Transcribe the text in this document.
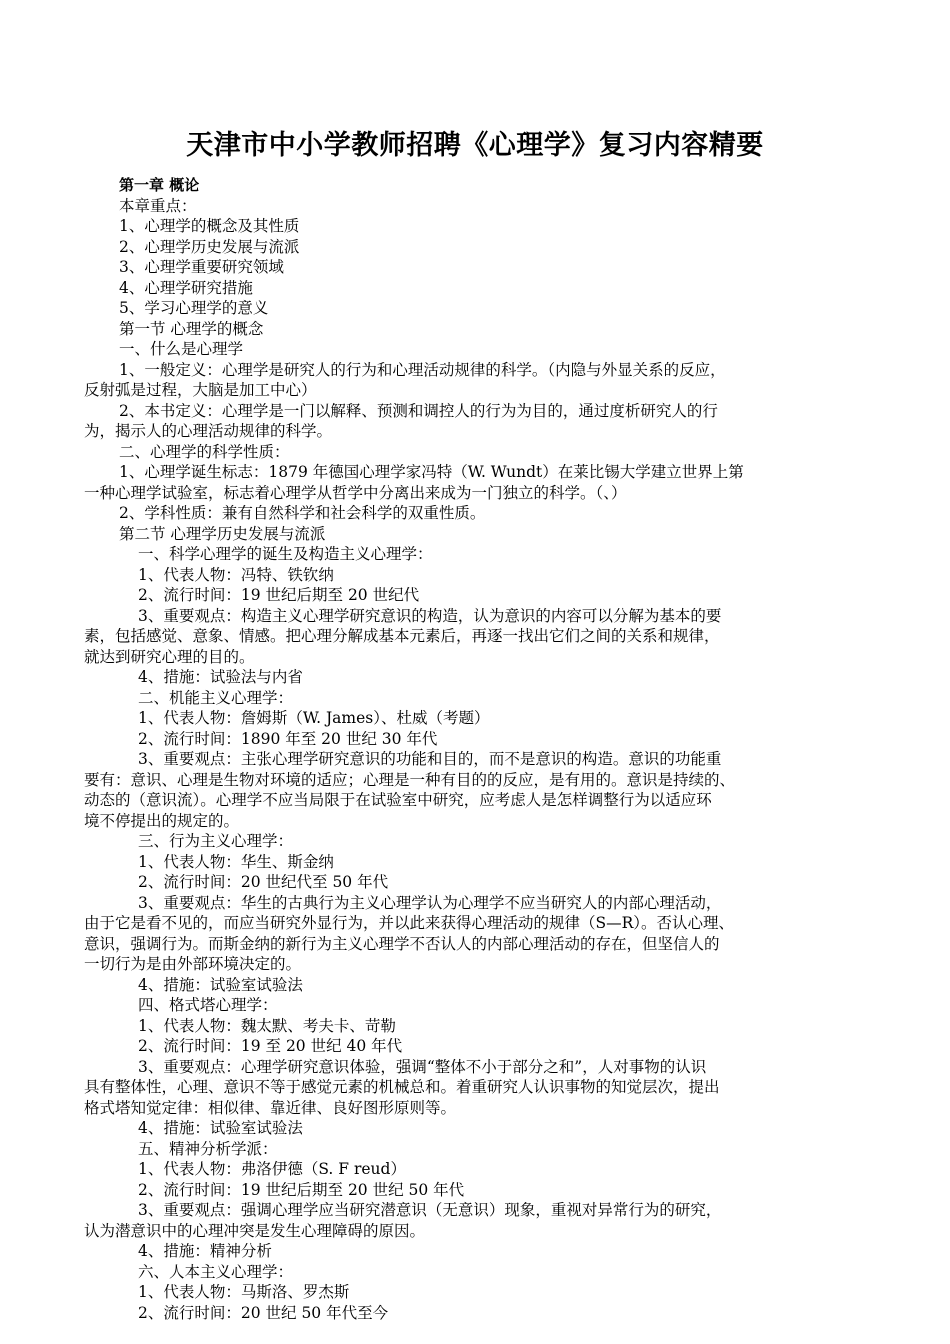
天津市中小学教师招聘《心理学》复习内容精要
第一章 概论
本章重点：
1、心理学的概念及其性质
2、心理学历史发展与流派
3、心理学重要研究领域
4、心理学研究措施
5、学习心理学的意义
第一节 心理学的概念
一、什么是心理学
1、一般定义：心理学是研究人的行为和心理活动规律的科学。（内隐与外显关系的反应，
反射弧是过程，大脑是加工中心）
2、本书定义：心理学是一门以解释、预测和调控人的行为为目的，通过度析研究人的行
为，揭示人的心理活动规律的科学。
二、心理学的科学性质：
1、心理学诞生标志：1879 年德国心理学家冯特（W. Wundt）在莱比锡大学建立世界上第
一种心理学试验室，标志着心理学从哲学中分离出来成为一门独立的科学。（、）
2、学科性质：兼有自然科学和社会科学的双重性质。
第二节 心理学历史发展与流派
一、科学心理学的诞生及构造主义心理学：
1、代表人物：冯特、铁钦纳
2、流行时间：19 世纪后期至 20 世纪代
3、重要观点：构造主义心理学研究意识的构造，认为意识的内容可以分解为基本的要
素，包括感觉、意象、情感。把心理分解成基本元素后，再逐一找出它们之间的关系和规律，
就达到研究心理的目的。
4、措施：试验法与内省
二、机能主义心理学：
1、代表人物：詹姆斯（W. James）、杜威（考题）
2、流行时间：1890 年至 20 世纪 30 年代
3、重要观点：主张心理学研究意识的功能和目的，而不是意识的构造。意识的功能重
要有：意识、心理是生物对环境的适应；心理是一种有目的的反应，是有用的。意识是持续的、
动态的（意识流）。心理学不应当局限于在试验室中研究，应考虑人是怎样调整行为以适应环
境不停提出的规定的。
三、行为主义心理学：
1、代表人物：华生、斯金纳
2、流行时间：20 世纪代至 50 年代
3、重要观点：华生的古典行为主义心理学认为心理学不应当研究人的内部心理活动，
由于它是看不见的，而应当研究外显行为，并以此来获得心理活动的规律（S—R）。否认心理、
意识，强调行为。而斯金纳的新行为主义心理学不否认人的内部心理活动的存在，但坚信人的
一切行为是由外部环境决定的。
4、措施：试验室试验法
四、格式塔心理学：
1、代表人物：魏太默、考夫卡、苛勒
2、流行时间：19 至 20 世纪 40 年代
3、重要观点：心理学研究意识体验，强调“整体不小于部分之和”，人对事物的认识
具有整体性，心理、意识不等于感觉元素的机械总和。着重研究人认识事物的知觉层次，提出
格式塔知觉定律：相似律、靠近律、良好图形原则等。
4、措施：试验室试验法
五、精神分析学派：
1、代表人物：弗洛伊德（S. F reud）
2、流行时间：19 世纪后期至 20 世纪 50 年代
3、重要观点：强调心理学应当研究潜意识（无意识）现象，重视对异常行为的研究，
认为潜意识中的心理冲突是发生心理障碍的原因。
4、措施：精神分析
六、人本主义心理学：
1、代表人物：马斯洛、罗杰斯
2、流行时间：20 世纪 50 年代至今
